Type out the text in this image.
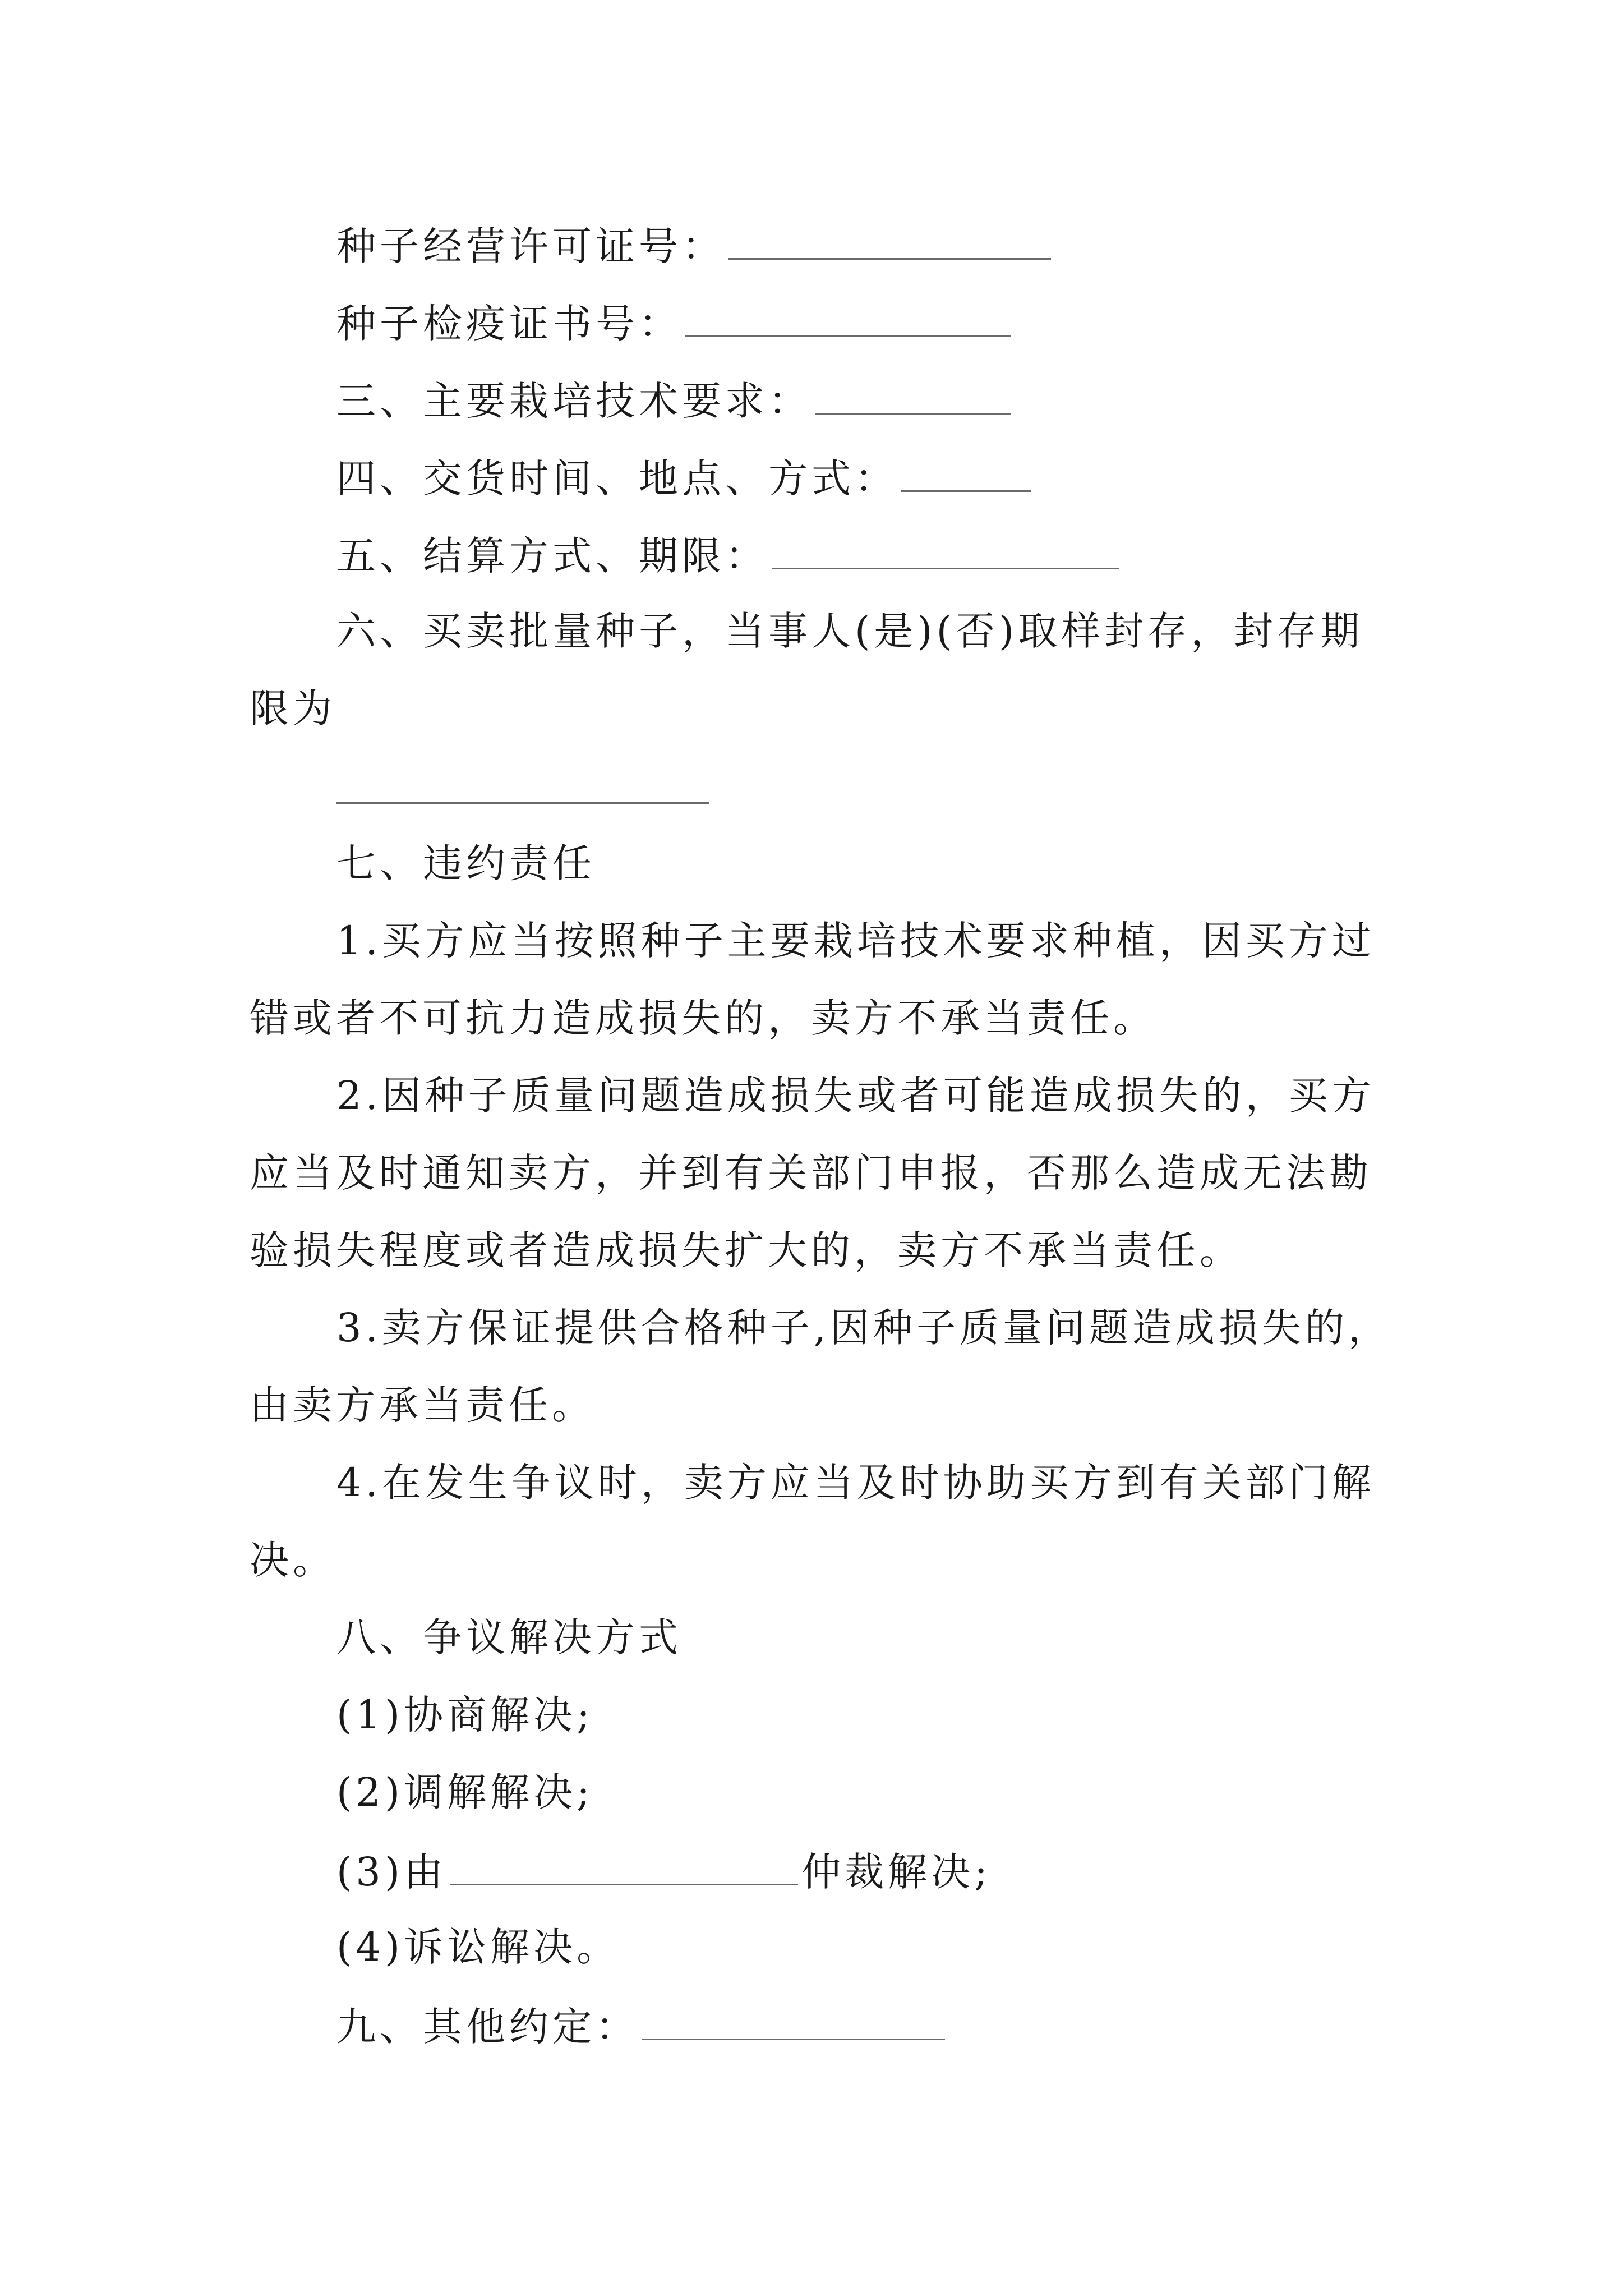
种子经营许可证号：
种子检疫证书号：
三、主要栽培技术要求：
四、交货时间、地点、方式：
五、结算方式、期限：
六、买卖批量种子，当事人(是)(否)取样封存，封存期
限为
七、违约责任
1.买方应当按照种子主要栽培技术要求种植，因买方过
错或者不可抗力造成损失的，卖方不承当责任。
2.因种子质量问题造成损失或者可能造成损失的，买方
应当及时通知卖方，并到有关部门申报，否那么造成无法勘
验损失程度或者造成损失扩大的，卖方不承当责任。
3.卖方保证提供合格种子,因种子质量问题造成损失的，
由卖方承当责任。
4.在发生争议时，卖方应当及时协助买方到有关部门解
决。
八、争议解决方式
(1)协商解决;
(2)调解解决;
(3)由	仲裁解决;
(4)诉讼解决。
九、其他约定：
